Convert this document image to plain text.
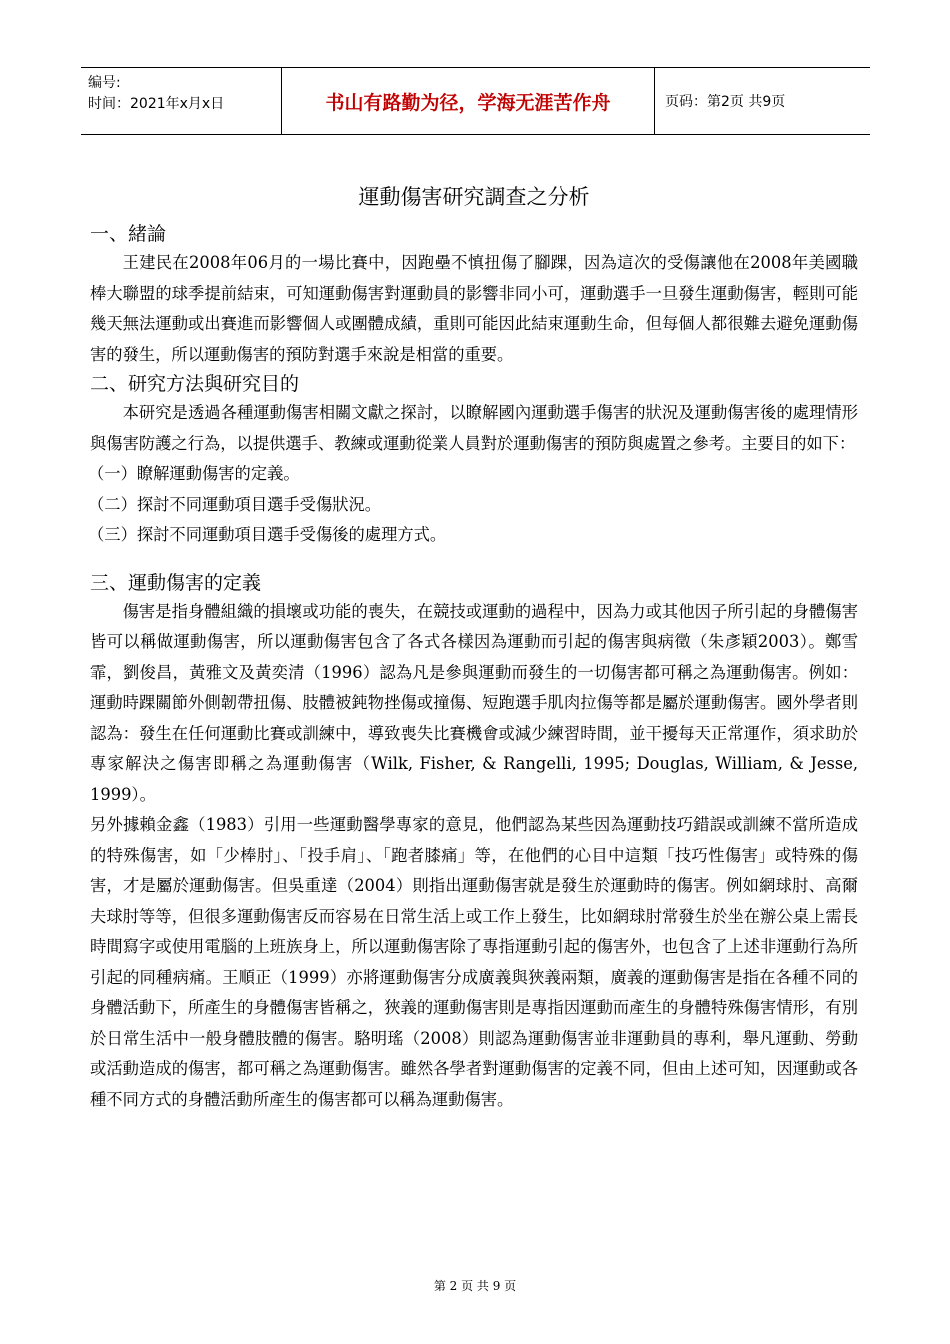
编号:
时间：2021年x月x日	书山有路勤为径，学海无涯苦作舟	页码：第2页 共9页
運動傷害研究調查之分析
一、緒論

王建民在2008年06月的一場比賽中，因跑壘不慎扭傷了腳踝，因為這次的受傷讓他在2008年美國職棒大聯盟的球季提前結束，可知運動傷害對運動員的影響非同小可，運動選手一旦發生運動傷害，輕則可能幾天無法運動或出賽進而影響個人或團體成績，重則可能因此結束運動生命，但每個人都很難去避免運動傷害的發生，所以運動傷害的預防對選手來說是相當的重要。

二、研究方法與研究目的

本研究是透過各種運動傷害相關文獻之探討，以瞭解國內運動選手傷害的狀況及運動傷害後的處理情形與傷害防護之行為，以提供選手、教練或運動從業人員對於運動傷害的預防與處置之參考。主要目的如下：

（一）瞭解運動傷害的定義。
（二）探討不同運動項目選手受傷狀況。
（三）探討不同運動項目選手受傷後的處理方式。
三、運動傷害的定義

傷害是指身體組織的損壞或功能的喪失，在競技或運動的過程中，因為力或其他因子所引起的身體傷害皆可以稱做運動傷害，所以運動傷害包含了各式各樣因為運動而引起的傷害與病徵（朱彥穎2003）。鄭雪霏，劉俊昌，黃雅文及黃奕清（1996）認為凡是參與運動而發生的一切傷害都可稱之為運動傷害。例如：運動時踝關節外側韌帶扭傷、肢體被鈍物挫傷或撞傷、短跑選手肌肉拉傷等都是屬於運動傷害。國外學者則認為：發生在任何運動比賽或訓練中，導致喪失比賽機會或減少練習時間，並干擾每天正常運作，須求助於專家解決之傷害即稱之為運動傷害（Wilk, Fisher, & Rangelli, 1995; Douglas, William, & Jesse, 1999）。

另外據賴金鑫（1983）引用一些運動醫學專家的意見，他們認為某些因為運動技巧錯誤或訓練不當所造成的特殊傷害，如「少棒肘」、「投手肩」、「跑者膝痛」等，在他們的心目中這類「技巧性傷害」或特殊的傷害，才是屬於運動傷害。但吳重達（2004）則指出運動傷害就是發生於運動時的傷害。例如網球肘、高爾夫球肘等等，但很多運動傷害反而容易在日常生活上或工作上發生，比如網球肘常發生於坐在辦公桌上需長時間寫字或使用電腦的上班族身上，所以運動傷害除了專指運動引起的傷害外，也包含了上述非運動行為所引起的同種病痛。王順正（1999）亦將運動傷害分成廣義與狹義兩類，廣義的運動傷害是指在各種不同的身體活動下，所產生的身體傷害皆稱之，狹義的運動傷害則是專指因運動而產生的身體特殊傷害情形，有別於日常生活中一般身體肢體的傷害。駱明瑤（2008）則認為運動傷害並非運動員的專利，舉凡運動、勞動或活動造成的傷害，都可稱之為運動傷害。雖然各學者對運動傷害的定義不同，但由上述可知，因運動或各種不同方式的身體活動所產生的傷害都可以稱為運動傷害。

第 2 页 共 9 页
